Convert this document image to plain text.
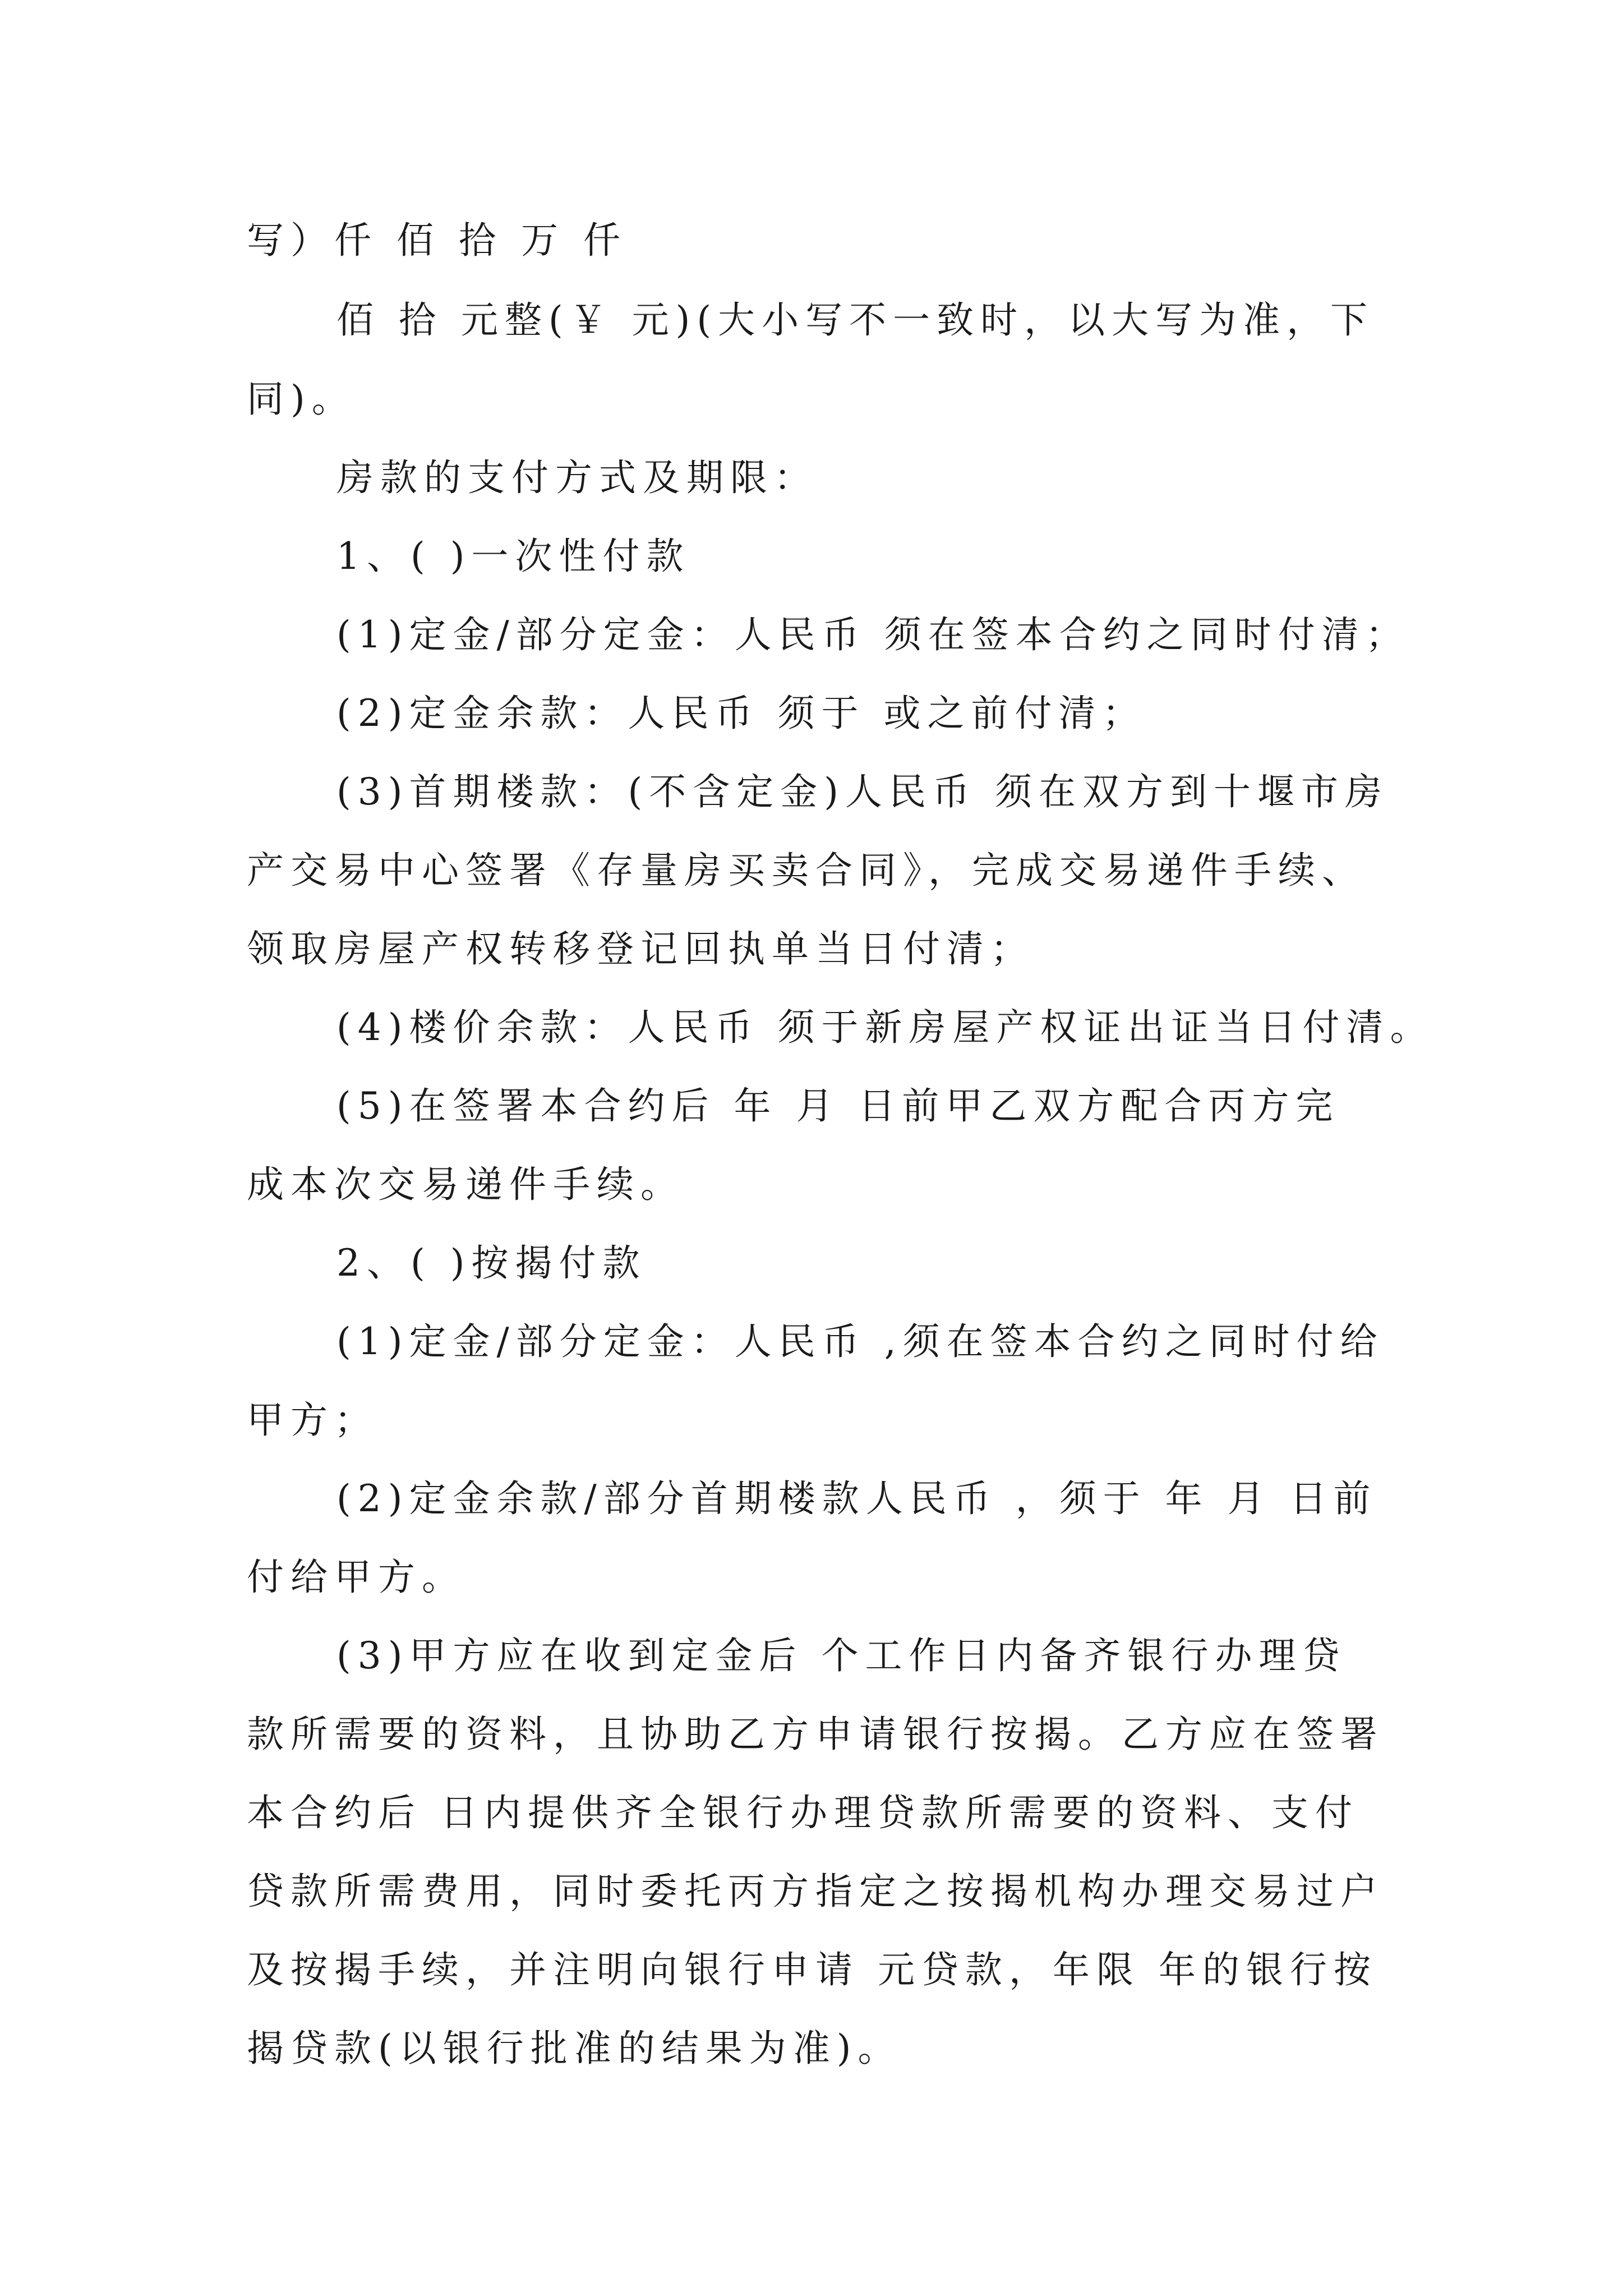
写）仟 佰 拾 万 仟
佰 拾 元整(￥ 元)(大小写不一致时，以大写为准，下
同)。
房款的支付方式及期限：
1、( )一次性付款
(1)定金/部分定金：人民币 须在签本合约之同时付清；
(2)定金余款：人民币 须于 或之前付清；
(3)首期楼款：(不含定金)人民币 须在双方到十堰市房
产交易中心签署《存量房买卖合同》，完成交易递件手续、
领取房屋产权转移登记回执单当日付清；
(4)楼价余款：人民币 须于新房屋产权证出证当日付清。
(5)在签署本合约后 年 月 日前甲乙双方配合丙方完
成本次交易递件手续。
2、( )按揭付款
(1)定金/部分定金：人民币 ,须在签本合约之同时付给
甲方；
(2)定金余款/部分首期楼款人民币 ，须于 年 月 日前
付给甲方。
(3)甲方应在收到定金后 个工作日内备齐银行办理贷
款所需要的资料，且协助乙方申请银行按揭。乙方应在签署
本合约后 日内提供齐全银行办理贷款所需要的资料、支付
贷款所需费用，同时委托丙方指定之按揭机构办理交易过户
及按揭手续，并注明向银行申请 元贷款，年限 年的银行按
揭贷款(以银行批准的结果为准)。
